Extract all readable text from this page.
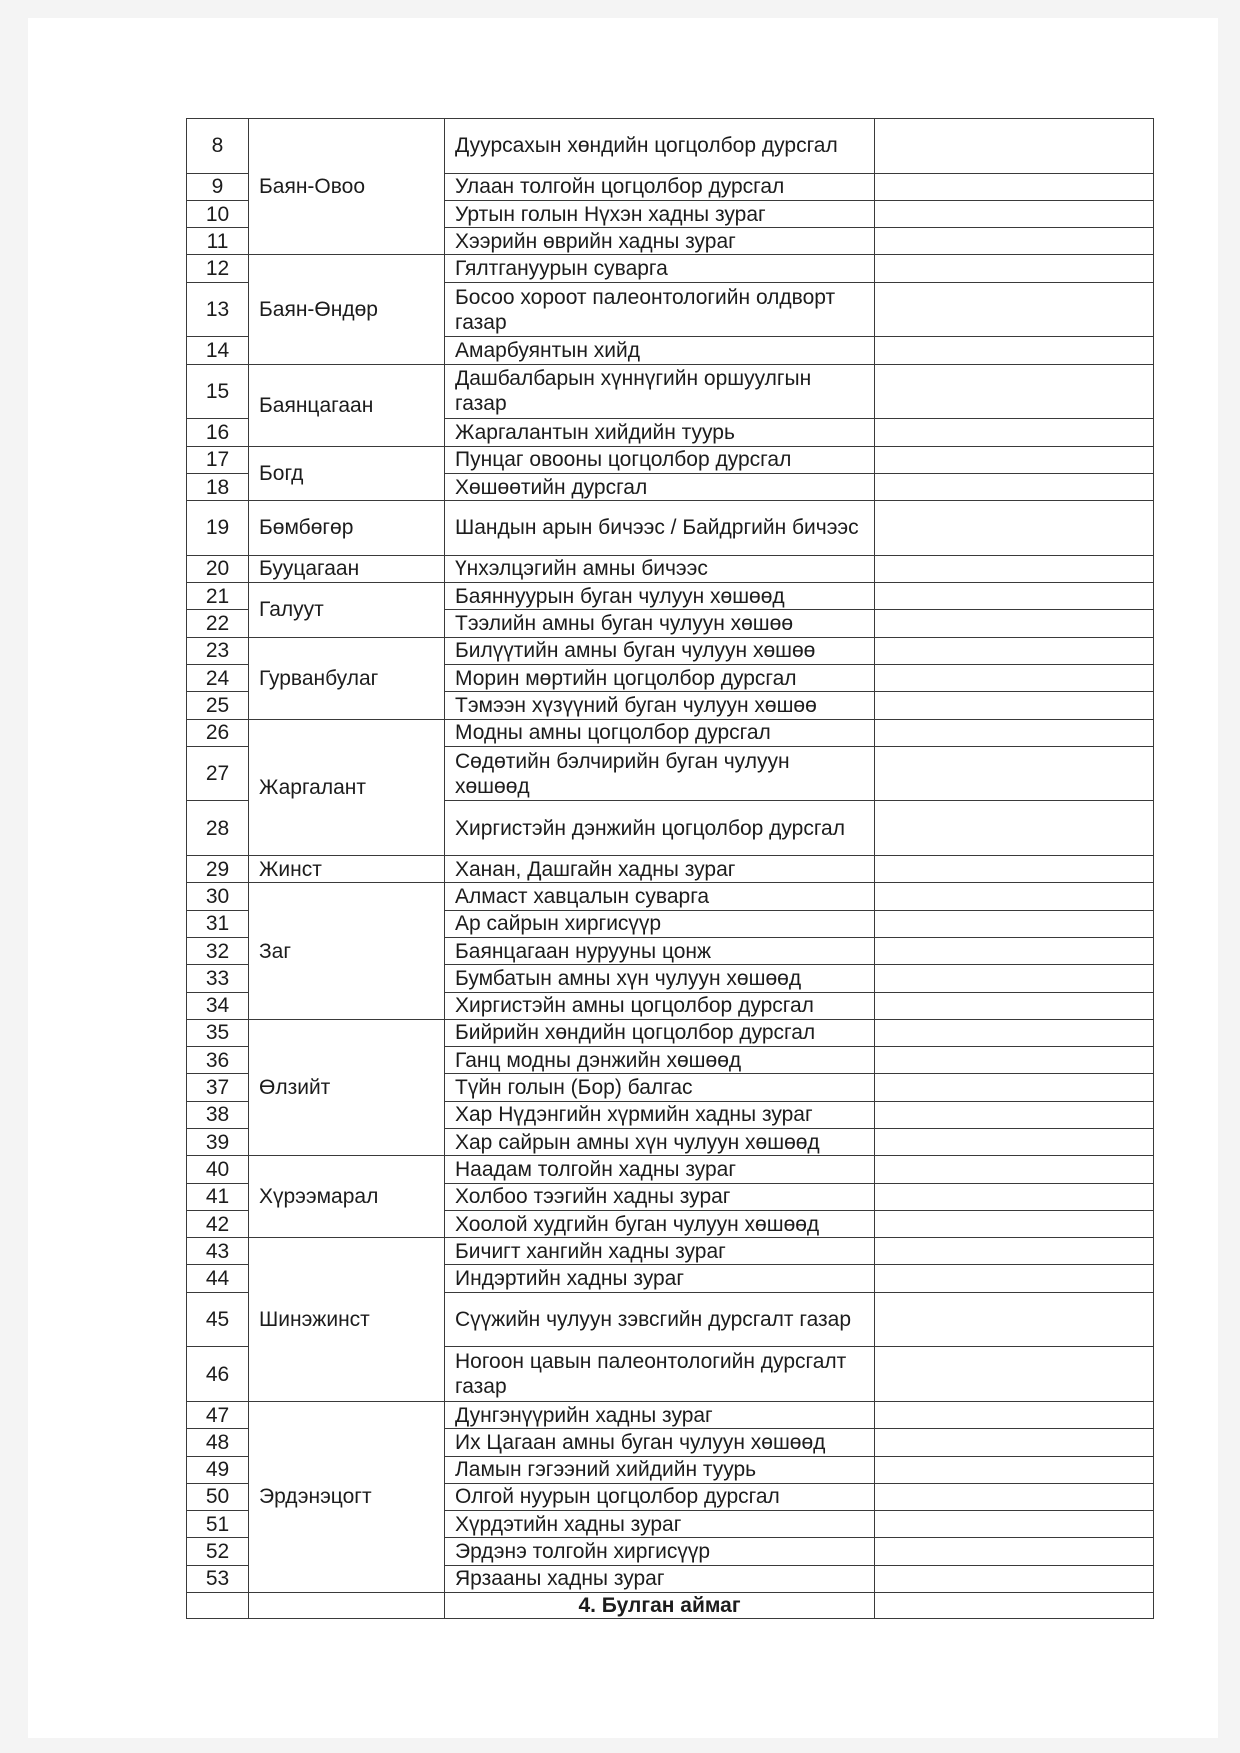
8	Баян-Овоо	Дуурсахын хөндийн цогцолбор дурсгал	
9		Улаан толгойн цогцолбор дурсгал	
10		Уртын голын Нүхэн хадны зураг	
11		Хээрийн өврийн хадны зураг	
12	Баян-Өндөр	Гялтгануурын суварга	
13		Босоо хороот палеонтологийн олдворт газар	
14		Амарбуянтын хийд	
15	Баянцагаан	Дашбалбарын хүннүгийн оршуулгын газар	
16		Жаргалантын хийдийн туурь	
17	Богд	Пунцаг овооны цогцолбор дурсгал	
18		Хөшөөтийн дурсгал	
19	Бөмбөгөр	Шандын арын бичээс / Байдргийн бичээс	
20	Бууцагаан	Үнхэлцэгийн амны бичээс	
21	Галуут	Баяннуурын буган чулуун хөшөөд	
22		Тээлийн амны буган чулуун хөшөө	
23	Гурванбулаг	Билүүтийн амны буган чулуун хөшөө	
24		Морин мөртийн цогцолбор дурсгал	
25		Тэмээн хүзүүний буган чулуун хөшөө	
26	Жаргалант	Модны амны цогцолбор дурсгал	
27		Сөдөтийн бэлчирийн буган чулуун хөшөөд	
28		Хиргистэйн дэнжийн цогцолбор дурсгал	
29	Жинст	Ханан, Дашгайн хадны зураг	
30	Заг	Алмаст хавцалын суварга	
31		Ар сайрын хиргисүүр	
32		Баянцагаан нурууны цонж	
33		Бумбатын амны хүн чулуун хөшөөд	
34		Хиргистэйн амны цогцолбор дурсгал	
35	Өлзийт	Бийрийн хөндийн цогцолбор дурсгал	
36		Ганц модны дэнжийн хөшөөд	
37		Түйн голын (Бор) балгас	
38		Хар Нүдэнгийн хүрмийн хадны зураг	
39		Хар сайрын амны хүн чулуун хөшөөд	
40	Хүрээмарал	Наадам толгойн хадны зураг	
41		Холбоо тээгийн хадны зураг	
42		Хоолой худгийн буган чулуун хөшөөд	
43	Шинэжинст	Бичигт хангийн хадны зураг	
44		Индэртийн хадны зураг	
45		Сүүжийн чулуун зэвсгийн дурсгалт газар	
46		Ногоон цавын палеонтологийн дурсгалт газар	
47	Эрдэнэцогт	Дунгэнүүрийн хадны зураг	
48		Их Цагаан амны буган чулуун хөшөөд	
49		Ламын гэгээний хийдийн туурь	
50		Олгой нуурын цогцолбор дурсгал	
51		Хүрдэтийн хадны зураг	
52		Эрдэнэ толгойн хиргисүүр	
53		Ярзааны хадны зураг	
		4. Булган аймаг	
